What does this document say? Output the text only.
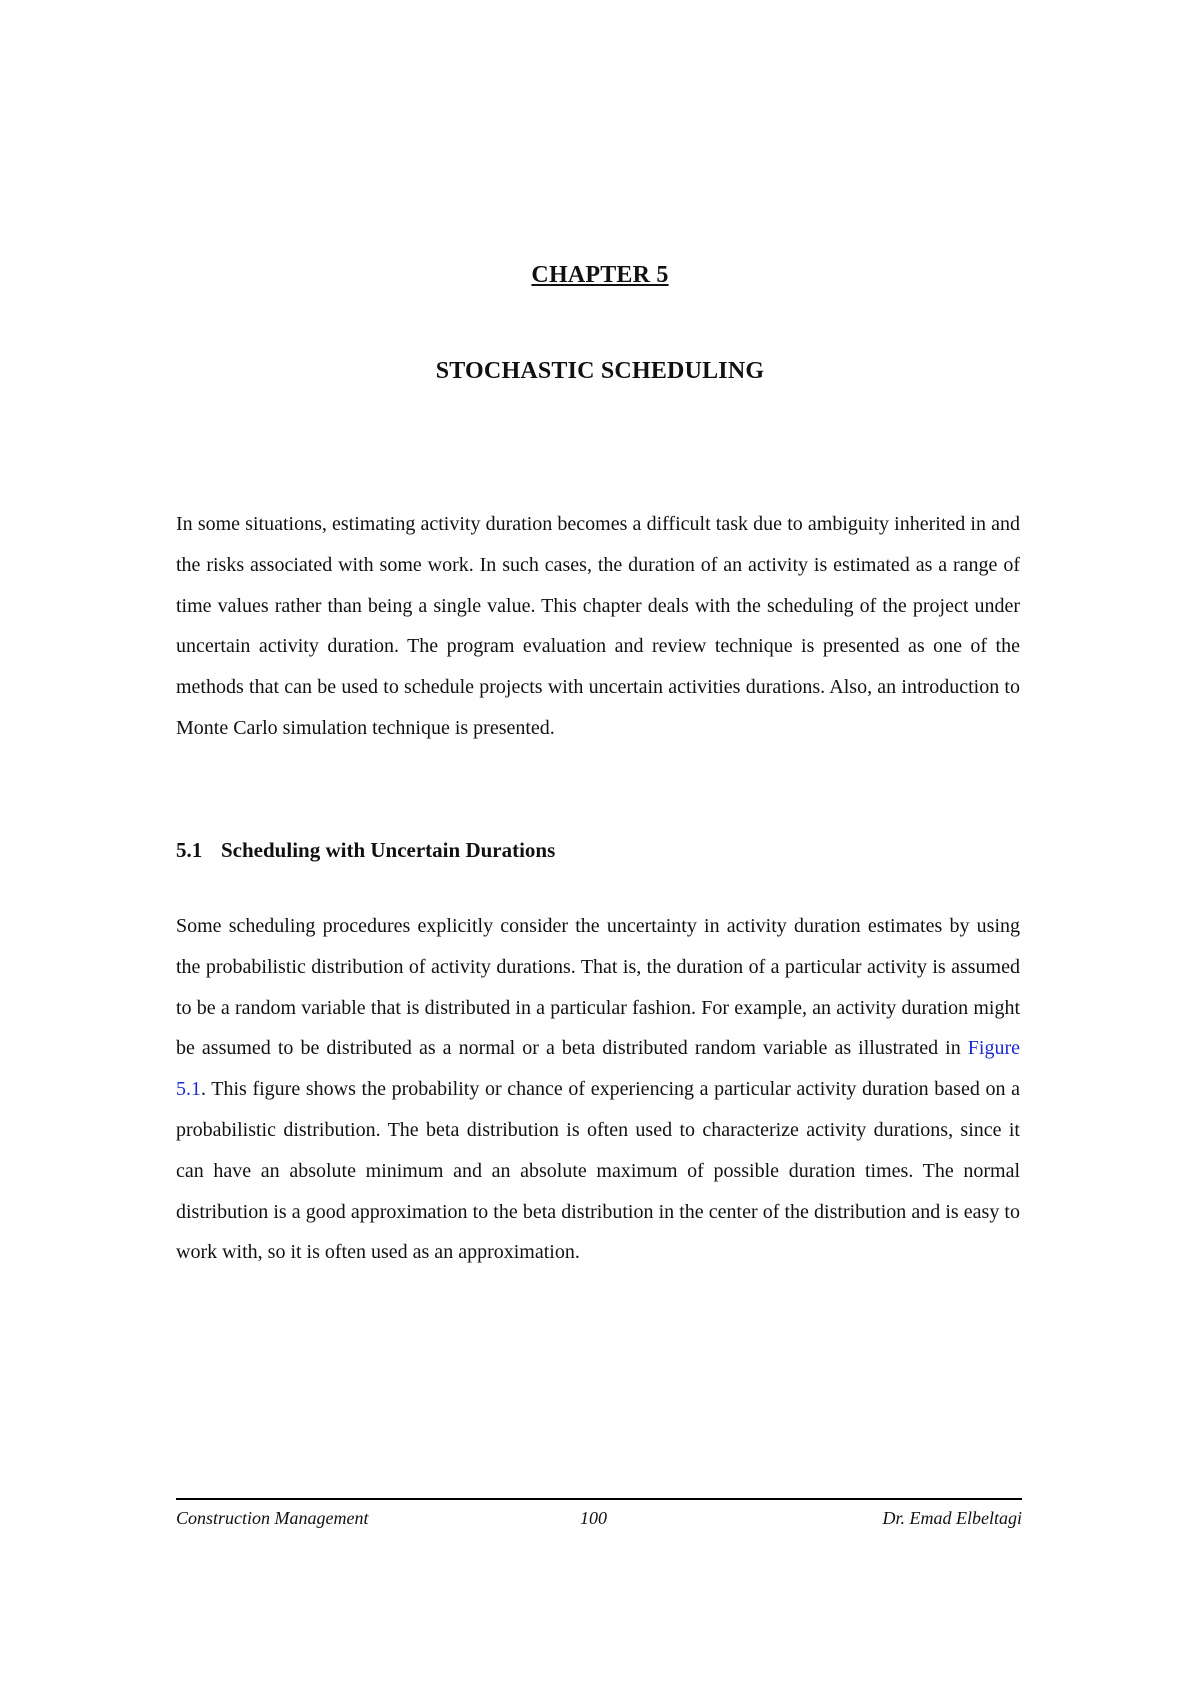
CHAPTER 5
STOCHASTIC SCHEDULING

In some situations, estimating activity duration becomes a difficult task due to ambiguity inherited in and the risks associated with some work. In such cases, the duration of an activity is estimated as a range of time values rather than being a single value. This chapter deals with the scheduling of the project under uncertain activity duration. The program evaluation and review technique is presented as one of the methods that can be used to schedule projects with uncertain activities durations. Also, an introduction to Monte Carlo simulation technique is presented.

5.1 Scheduling with Uncertain Durations

Some scheduling procedures explicitly consider the uncertainty in activity duration estimates by using the probabilistic distribution of activity durations. That is, the duration of a particular activity is assumed to be a random variable that is distributed in a particular fashion. For example, an activity duration might be assumed to be distributed as a normal or a beta distributed random variable as illustrated in Figure 5.1. This figure shows the probability or chance of experiencing a particular activity duration based on a probabilistic distribution. The beta distribution is often used to characterize activity durations, since it can have an absolute minimum and an absolute maximum of possible duration times. The normal distribution is a good approximation to the beta distribution in the center of the distribution and is easy to work with, so it is often used as an approximation.

Construction Management	100	Dr. Emad Elbeltagi
